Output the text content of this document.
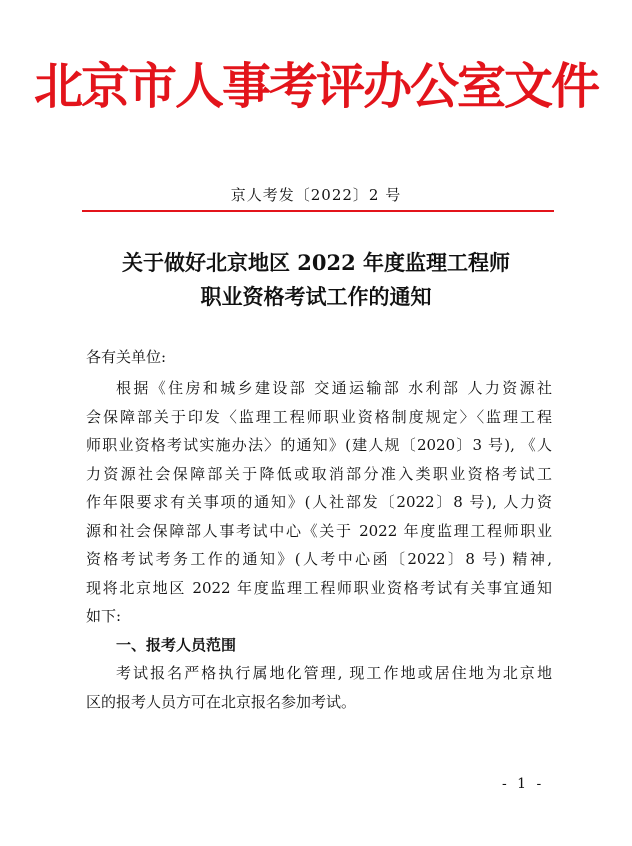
北京市人事考评办公室文件
京人考发〔2022〕2 号
关于做好北京地区 2022 年度监理工程师
职业资格考试工作的通知
各有关单位:
根据《住房和城乡建设部 交通运输部 水利部 人力资源社
会保障部关于印发〈监理工程师职业资格制度规定〉〈监理工程
师职业资格考试实施办法〉的通知》(建人规〔2020〕3 号), 《人
力资源社会保障部关于降低或取消部分准入类职业资格考试工
作年限要求有关事项的通知》(人社部发〔2022〕8 号), 人力资
源和社会保障部人事考试中心《关于 2022 年度监理工程师职业
资格考试考务工作的通知》(人考中心函〔2022〕8 号) 精神,
现将北京地区 2022 年度监理工程师职业资格考试有关事宜通知
如下:
一、报考人员范围
考试报名严格执行属地化管理, 现工作地或居住地为北京地
区的报考人员方可在北京报名参加考试。
- 1 -
